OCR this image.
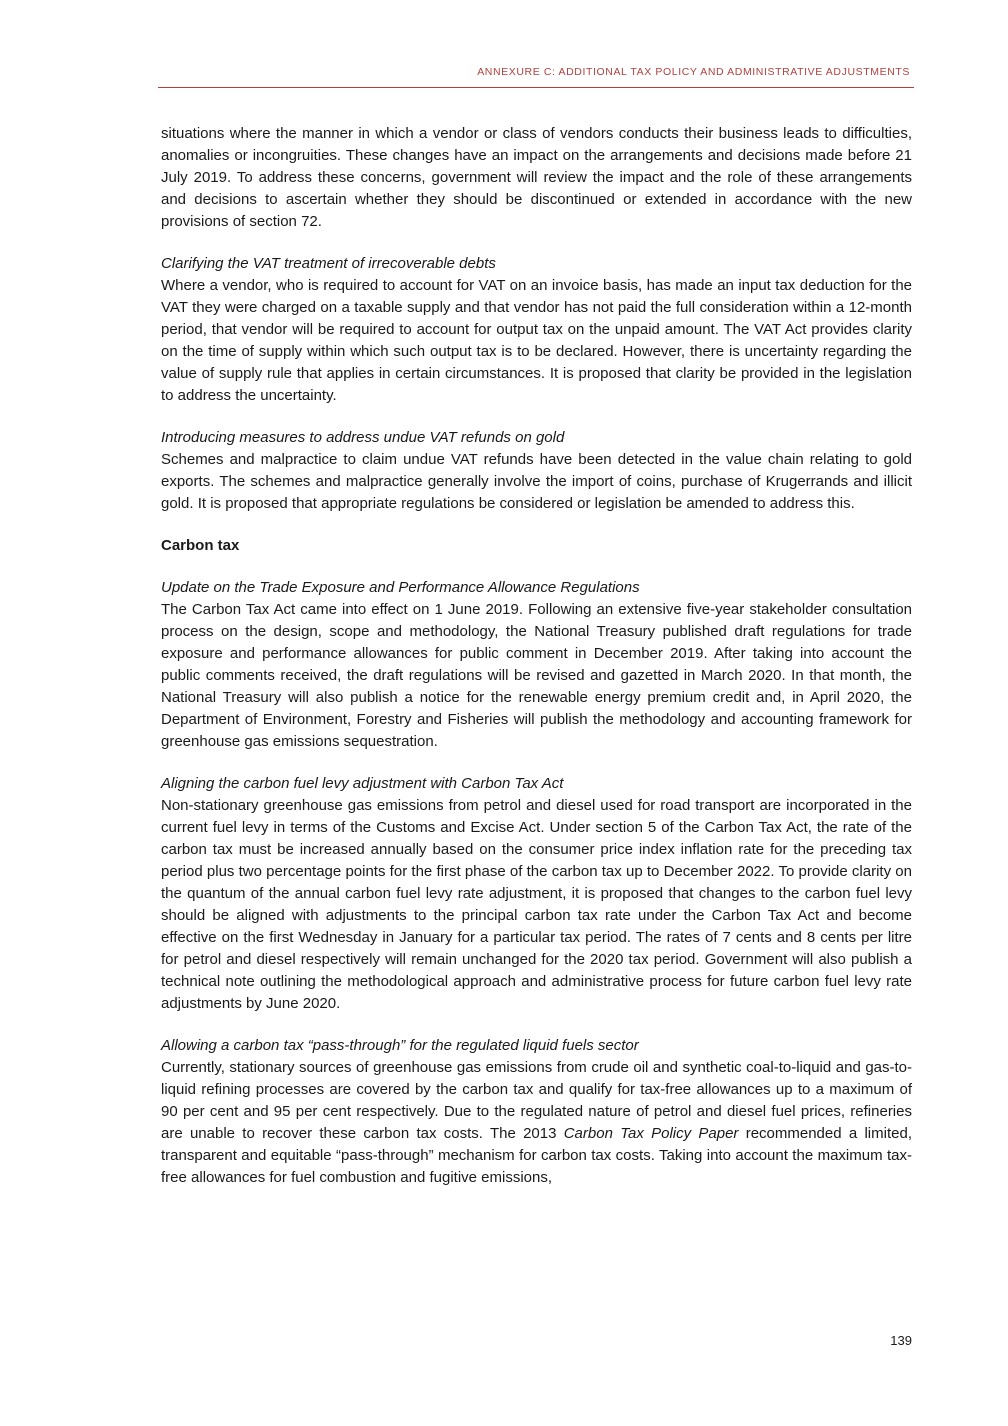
ANNEXURE C: ADDITIONAL TAX POLICY AND ADMINISTRATIVE ADJUSTMENTS

situations where the manner in which a vendor or class of vendors conducts their business leads to difficulties, anomalies or incongruities. These changes have an impact on the arrangements and decisions made before 21 July 2019. To address these concerns, government will review the impact and the role of these arrangements and decisions to ascertain whether they should be discontinued or extended in accordance with the new provisions of section 72.

Clarifying the VAT treatment of irrecoverable debts

Where a vendor, who is required to account for VAT on an invoice basis, has made an input tax deduction for the VAT they were charged on a taxable supply and that vendor has not paid the full consideration within a 12-month period, that vendor will be required to account for output tax on the unpaid amount. The VAT Act provides clarity on the time of supply within which such output tax is to be declared. However, there is uncertainty regarding the value of supply rule that applies in certain circumstances. It is proposed that clarity be provided in the legislation to address the uncertainty.

Introducing measures to address undue VAT refunds on gold

Schemes and malpractice to claim undue VAT refunds have been detected in the value chain relating to gold exports. The schemes and malpractice generally involve the import of coins, purchase of Krugerrands and illicit gold. It is proposed that appropriate regulations be considered or legislation be amended to address this.

Carbon tax

Update on the Trade Exposure and Performance Allowance Regulations

The Carbon Tax Act came into effect on 1 June 2019. Following an extensive five-year stakeholder consultation process on the design, scope and methodology, the National Treasury published draft regulations for trade exposure and performance allowances for public comment in December 2019. After taking into account the public comments received, the draft regulations will be revised and gazetted in March 2020. In that month, the National Treasury will also publish a notice for the renewable energy premium credit and, in April 2020, the Department of Environment, Forestry and Fisheries will publish the methodology and accounting framework for greenhouse gas emissions sequestration.

Aligning the carbon fuel levy adjustment with Carbon Tax Act

Non-stationary greenhouse gas emissions from petrol and diesel used for road transport are incorporated in the current fuel levy in terms of the Customs and Excise Act. Under section 5 of the Carbon Tax Act, the rate of the carbon tax must be increased annually based on the consumer price index inflation rate for the preceding tax period plus two percentage points for the first phase of the carbon tax up to December 2022. To provide clarity on the quantum of the annual carbon fuel levy rate adjustment, it is proposed that changes to the carbon fuel levy should be aligned with adjustments to the principal carbon tax rate under the Carbon Tax Act and become effective on the first Wednesday in January for a particular tax period. The rates of 7 cents and 8 cents per litre for petrol and diesel respectively will remain unchanged for the 2020 tax period. Government will also publish a technical note outlining the methodological approach and administrative process for future carbon fuel levy rate adjustments by June 2020.

Allowing a carbon tax “pass-through” for the regulated liquid fuels sector

Currently, stationary sources of greenhouse gas emissions from crude oil and synthetic coal-to-liquid and gas-to-liquid refining processes are covered by the carbon tax and qualify for tax-free allowances up to a maximum of 90 per cent and 95 per cent respectively. Due to the regulated nature of petrol and diesel fuel prices, refineries are unable to recover these carbon tax costs. The 2013 Carbon Tax Policy Paper recommended a limited, transparent and equitable “pass-through” mechanism for carbon tax costs. Taking into account the maximum tax-free allowances for fuel combustion and fugitive emissions,

139
